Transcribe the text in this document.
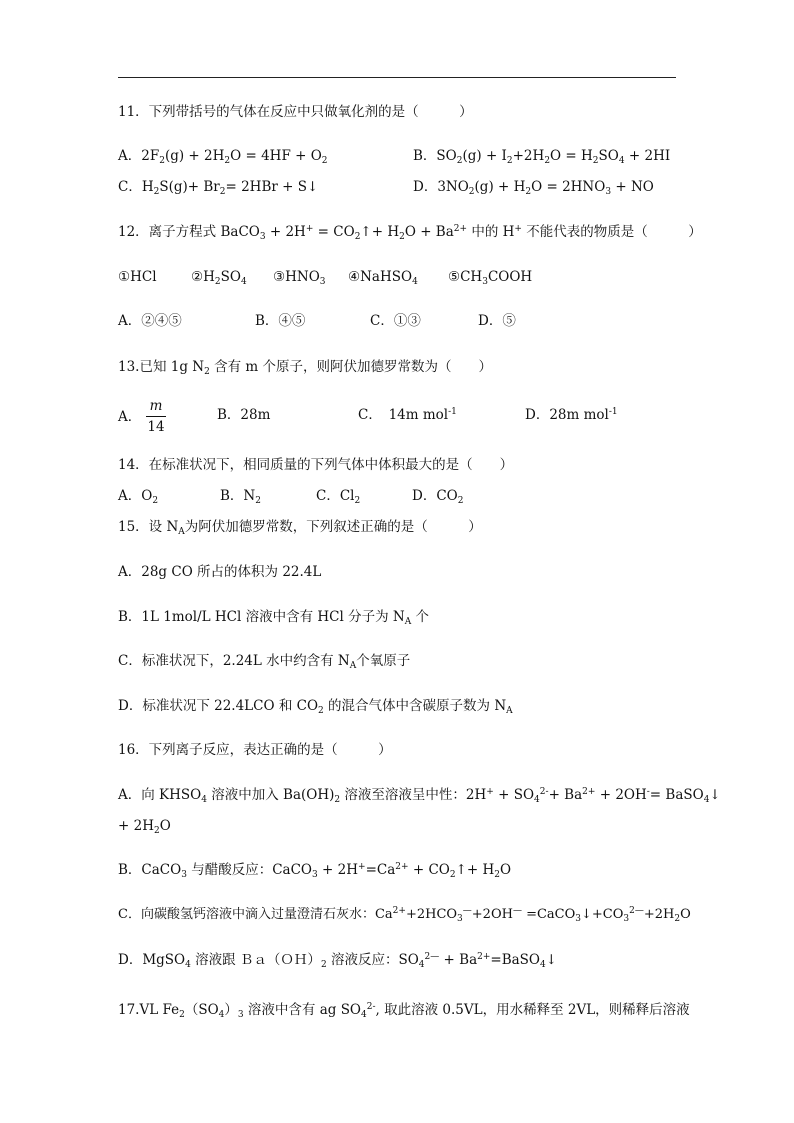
11．下列带括号的气体在反应中只做氧化剂的是（　　　）
A．$2F_2(g) + 2H_2O = 4HF + O_2$	B．$SO_2(g) + I_2+2H_2O = H_2SO_4 + 2HI$
C．$H_2S(g)+ Br_2= 2HBr$ + S↓	D．$3NO_2(g) + H_2O = 2HNO_3$ + NO
12．离子方程式 BaCO$_3$ + $2H^+ = CO_2↑+ H_2O + Ba^{2+}$ 中的 H+ 不能代表的物质是（　　　）
①HCl	$②H_2SO_4$ $③HNO_3$ ④NaHSO$_4$ $⑤CH_3COOH$
A．②④⑤	B．④⑤	C．①③	D．⑤
13.已知 1g $N_2$ 含有 m 个原子，则阿伏加德罗常数为（　　）
A．
m
14
B．28m	C．　14m mol$^{-1}$	D．28m mol$^{-1}$
14．在标准状况下，相同质量的下列气体中体积最大的是（　　）
A．$O_2$	B．$N_2$	C．$Cl_2$	D．$CO_2$
15．设 $N_A$为阿伏加德罗常数，下列叙述正确的是（　　　）
A．28g CO 所占的体积为 22.4L
B．1L 1mol/L HCl 溶液中含有 HCl 分子为 $N_A$ 个
C．标准状况下，2.24L 水中约含有 $N_A$个氧原子
D．标准状况下 22.4LCO 和 $CO_2$ 的混合气体中含碳原子数为 $N_A$
16．下列离子反应，表达正确的是（　　　）
A．向 $KHSO_4$ 溶液中加入 $Ba(OH)_2$ 溶液至溶液呈中性：$2H^+ + SO_4^{2-}+ Ba^{2+} + 2OH^-=$ BaSO$_4$↓
+ $2H_2O$
B．CaCO$_3$ 与醋酸反应：CaCO$_3$ + $2H^+=Ca^{2+}$ + $CO_2↑+ H_2O$
C．向碳酸氢钙溶液中滴入过量澄清石灰水：$Ca^{2+}+2HCO_3^—+2OH^—$ $=CaCO_3↓+CO_3^{2—}+2H_2O$
D．MgSO$_4$ 溶液跟 $Ba(OH)_2$ 溶液反应：$SO_4^{2—}$ + $Ba^{2+}=BaSO_4↓$
17.VL $Fe_2(SO_4)_3$ 溶液中含有 ag $SO_4^{2-}$, 取此溶液 0.5VL，用水稀释至 2VL，则稀释后溶液
